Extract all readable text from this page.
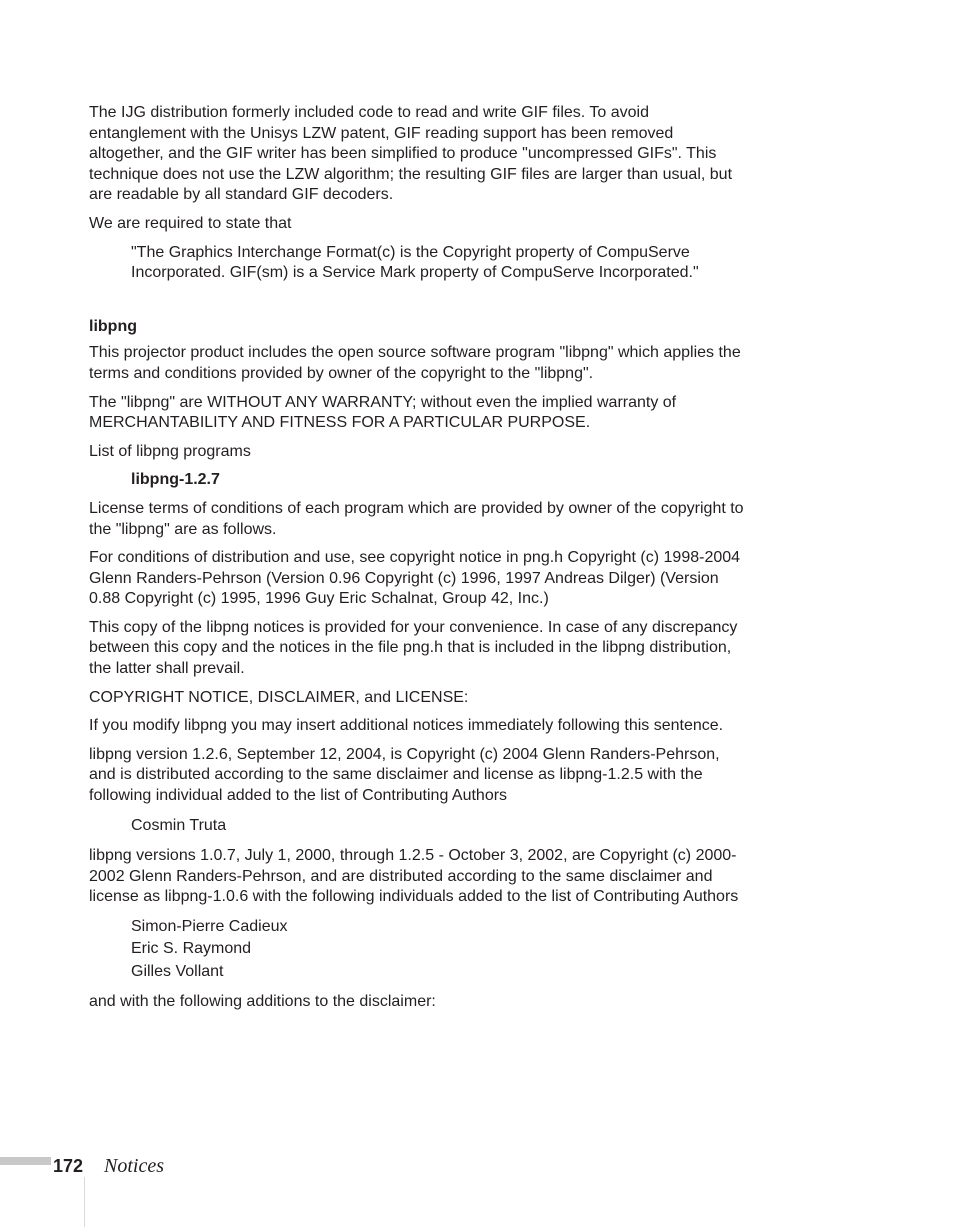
The IJG distribution formerly included code to read and write GIF files. To avoid entanglement with the Unisys LZW patent, GIF reading support has been removed altogether, and the GIF writer has been simplified to produce "uncompressed GIFs". This technique does not use the LZW algorithm; the resulting GIF files are larger than usual, but are readable by all standard GIF decoders.

We are required to state that

"The Graphics Interchange Format(c) is the Copyright property of CompuServe

Incorporated. GIF(sm) is a Service Mark property of CompuServe Incorporated."

libpng

This projector product includes the open source software program "libpng" which applies the terms and conditions provided by owner of the copyright to the "libpng".

The "libpng" are WITHOUT ANY WARRANTY; without even the implied warranty of MERCHANTABILITY AND FITNESS FOR A PARTICULAR PURPOSE.

List of libpng programs

libpng-1.2.7

License terms of conditions of each program which are provided by owner of the copyright to the "libpng" are as follows.

For conditions of distribution and use, see copyright notice in png.h Copyright (c) 1998-2004 Glenn Randers-Pehrson (Version 0.96 Copyright (c) 1996, 1997 Andreas Dilger) (Version 0.88 Copyright (c) 1995, 1996 Guy Eric Schalnat, Group 42, Inc.)

This copy of the libpng notices is provided for your convenience. In case of any discrepancy between this copy and the notices in the file png.h that is included in the libpng distribution, the latter shall prevail.

COPYRIGHT NOTICE, DISCLAIMER, and LICENSE:

If you modify libpng you may insert additional notices immediately following this sentence.

libpng version 1.2.6, September 12, 2004, is Copyright (c) 2004 Glenn Randers-Pehrson, and is distributed according to the same disclaimer and license as libpng-1.2.5 with the following individual added to the list of Contributing Authors

Cosmin Truta

libpng versions 1.0.7, July 1, 2000, through 1.2.5 - October 3, 2002, are Copyright (c) 2000-2002 Glenn Randers-Pehrson, and are distributed according to the same disclaimer and license as libpng-1.0.6 with the following individuals added to the list of Contributing Authors

Simon-Pierre Cadieux
Eric S. Raymond
Gilles Vollant

and with the following additions to the disclaimer:

172 Notices
